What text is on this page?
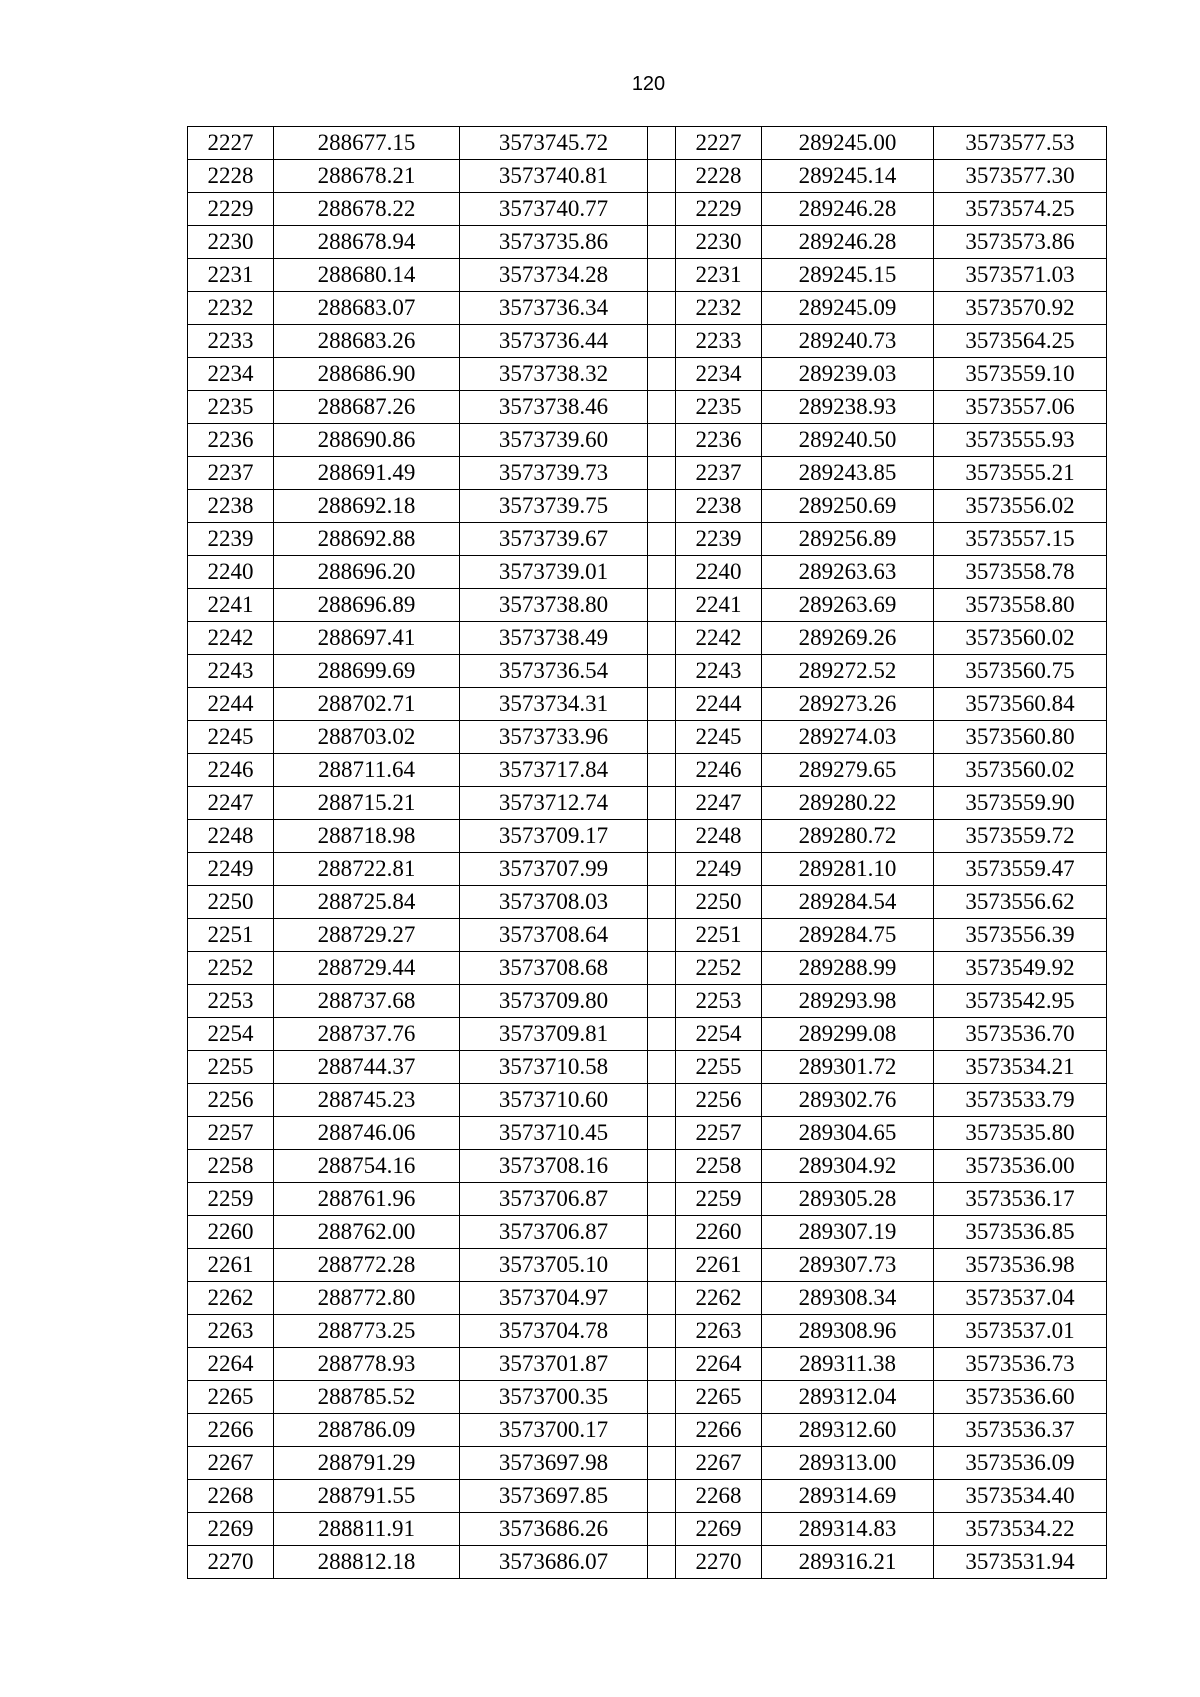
120
2227	288677.15	3573745.72		2227	289245.00	3573577.53
2228	288678.21	3573740.81		2228	289245.14	3573577.30
2229	288678.22	3573740.77		2229	289246.28	3573574.25
2230	288678.94	3573735.86		2230	289246.28	3573573.86
2231	288680.14	3573734.28		2231	289245.15	3573571.03
2232	288683.07	3573736.34		2232	289245.09	3573570.92
2233	288683.26	3573736.44		2233	289240.73	3573564.25
2234	288686.90	3573738.32		2234	289239.03	3573559.10
2235	288687.26	3573738.46		2235	289238.93	3573557.06
2236	288690.86	3573739.60		2236	289240.50	3573555.93
2237	288691.49	3573739.73		2237	289243.85	3573555.21
2238	288692.18	3573739.75		2238	289250.69	3573556.02
2239	288692.88	3573739.67		2239	289256.89	3573557.15
2240	288696.20	3573739.01		2240	289263.63	3573558.78
2241	288696.89	3573738.80		2241	289263.69	3573558.80
2242	288697.41	3573738.49		2242	289269.26	3573560.02
2243	288699.69	3573736.54		2243	289272.52	3573560.75
2244	288702.71	3573734.31		2244	289273.26	3573560.84
2245	288703.02	3573733.96		2245	289274.03	3573560.80
2246	288711.64	3573717.84		2246	289279.65	3573560.02
2247	288715.21	3573712.74		2247	289280.22	3573559.90
2248	288718.98	3573709.17		2248	289280.72	3573559.72
2249	288722.81	3573707.99		2249	289281.10	3573559.47
2250	288725.84	3573708.03		2250	289284.54	3573556.62
2251	288729.27	3573708.64		2251	289284.75	3573556.39
2252	288729.44	3573708.68		2252	289288.99	3573549.92
2253	288737.68	3573709.80		2253	289293.98	3573542.95
2254	288737.76	3573709.81		2254	289299.08	3573536.70
2255	288744.37	3573710.58		2255	289301.72	3573534.21
2256	288745.23	3573710.60		2256	289302.76	3573533.79
2257	288746.06	3573710.45		2257	289304.65	3573535.80
2258	288754.16	3573708.16		2258	289304.92	3573536.00
2259	288761.96	3573706.87		2259	289305.28	3573536.17
2260	288762.00	3573706.87		2260	289307.19	3573536.85
2261	288772.28	3573705.10		2261	289307.73	3573536.98
2262	288772.80	3573704.97		2262	289308.34	3573537.04
2263	288773.25	3573704.78		2263	289308.96	3573537.01
2264	288778.93	3573701.87		2264	289311.38	3573536.73
2265	288785.52	3573700.35		2265	289312.04	3573536.60
2266	288786.09	3573700.17		2266	289312.60	3573536.37
2267	288791.29	3573697.98		2267	289313.00	3573536.09
2268	288791.55	3573697.85		2268	289314.69	3573534.40
2269	288811.91	3573686.26		2269	289314.83	3573534.22
2270	288812.18	3573686.07		2270	289316.21	3573531.94
